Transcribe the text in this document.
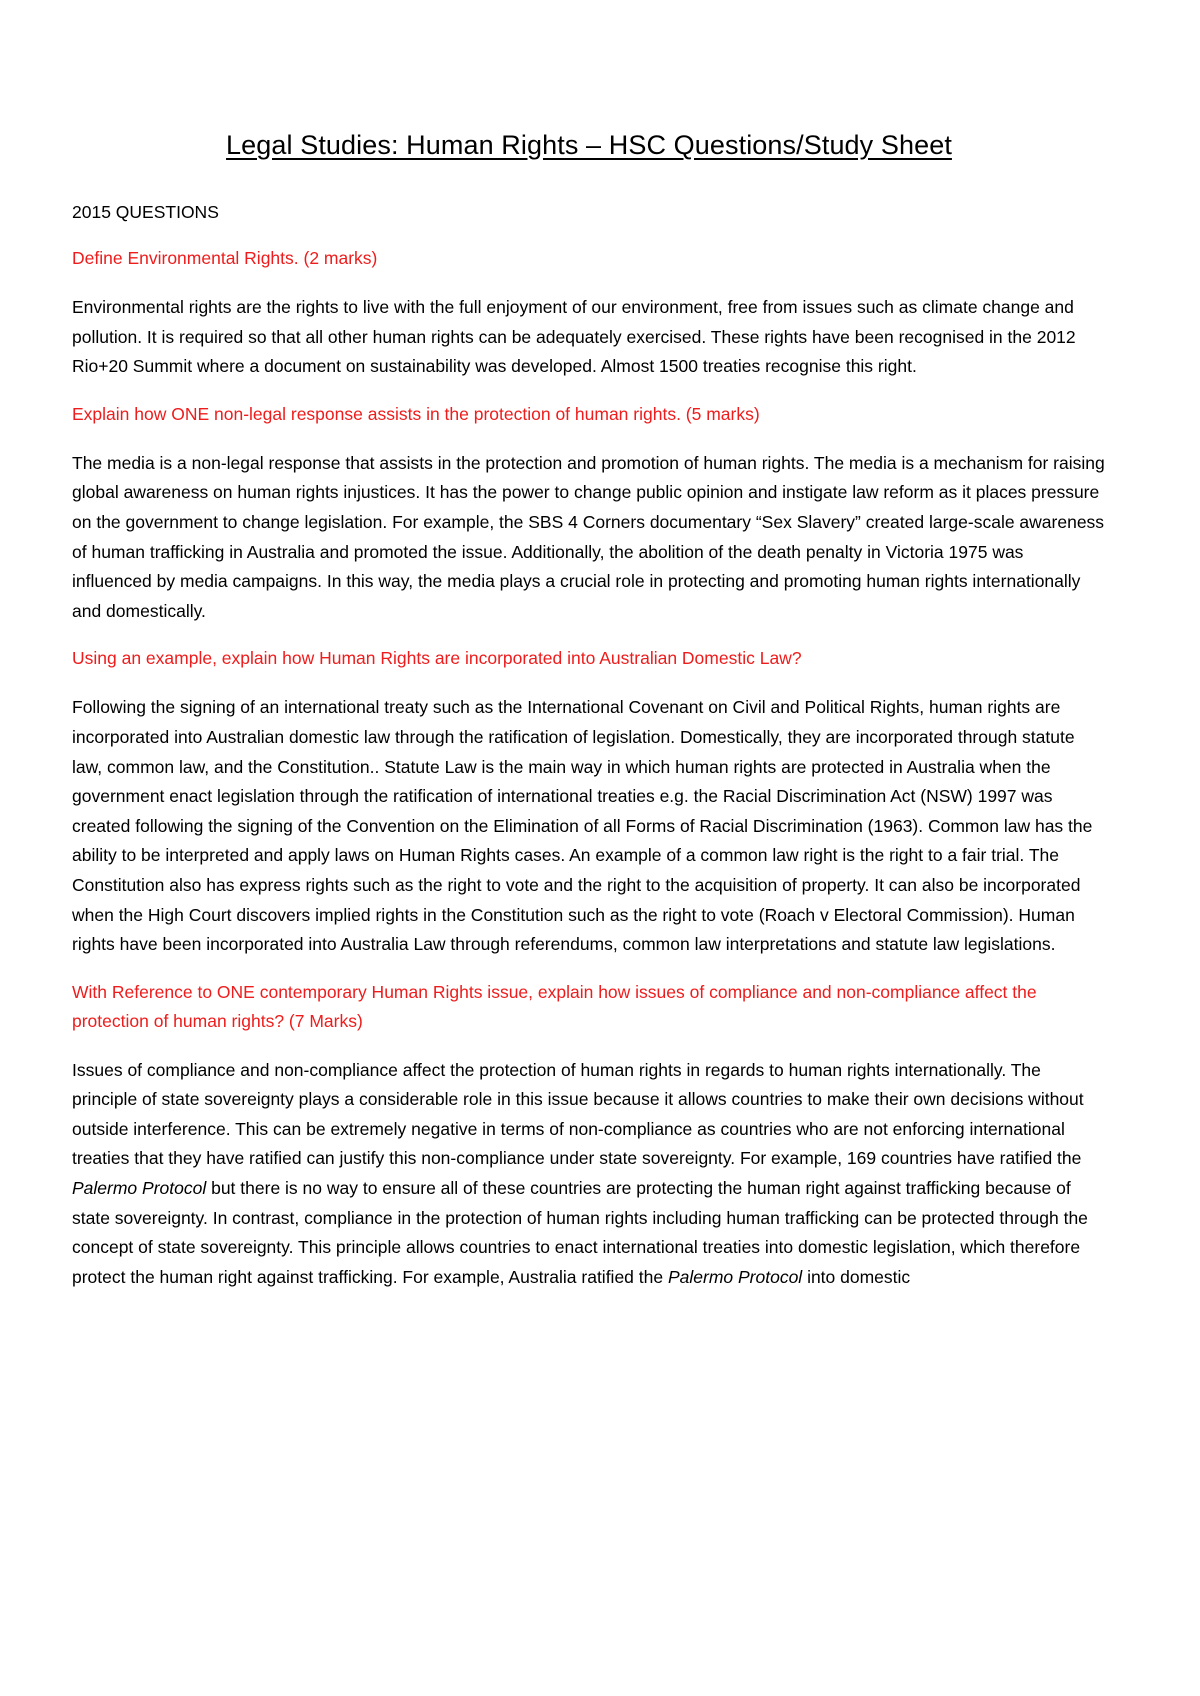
Legal Studies: Human Rights – HSC Questions/Study Sheet
2015 QUESTIONS
Define Environmental Rights. (2 marks)

Environmental rights are the rights to live with the full enjoyment of our environment, free from issues such as climate change and pollution. It is required so that all other human rights can be adequately exercised. These rights have been recognised in the 2012 Rio+20 Summit where a document on sustainability was developed. Almost 1500 treaties recognise this right.

Explain how ONE non-legal response assists in the protection of human rights. (5 marks)

The media is a non-legal response that assists in the protection and promotion of human rights. The media is a mechanism for raising global awareness on human rights injustices. It has the power to change public opinion and instigate law reform as it places pressure on the government to change legislation. For example, the SBS 4 Corners documentary “Sex Slavery” created large-scale awareness of human trafficking in Australia and promoted the issue. Additionally, the abolition of the death penalty in Victoria 1975 was influenced by media campaigns. In this way, the media plays a crucial role in protecting and promoting human rights internationally and domestically.

Using an example, explain how Human Rights are incorporated into Australian Domestic Law?

Following the signing of an international treaty such as the International Covenant on Civil and Political Rights, human rights are incorporated into Australian domestic law through the ratification of legislation. Domestically, they are incorporated through statute law, common law, and the Constitution.. Statute Law is the main way in which human rights are protected in Australia when the government enact legislation through the ratification of international treaties e.g. the Racial Discrimination Act (NSW) 1997 was created following the signing of the Convention on the Elimination of all Forms of Racial Discrimination (1963). Common law has the ability to be interpreted and apply laws on Human Rights cases. An example of a common law right is the right to a fair trial. The Constitution also has express rights such as the right to vote and the right to the acquisition of property. It can also be incorporated when the High Court discovers implied rights in the Constitution such as the right to vote (Roach v Electoral Commission). Human rights have been incorporated into Australia Law through referendums, common law interpretations and statute law legislations.

With Reference to ONE contemporary Human Rights issue, explain how issues of compliance and non-compliance affect the protection of human rights? (7 Marks)

Issues of compliance and non-compliance affect the protection of human rights in regards to human rights internationally. The principle of state sovereignty plays a considerable role in this issue because it allows countries to make their own decisions without outside interference. This can be extremely negative in terms of non-compliance as countries who are not enforcing international treaties that they have ratified can justify this non-compliance under state sovereignty. For example, 169 countries have ratified the Palermo Protocol but there is no way to ensure all of these countries are protecting the human right against trafficking because of state sovereignty. In contrast, compliance in the protection of human rights including human trafficking can be protected through the concept of state sovereignty. This principle allows countries to enact international treaties into domestic legislation, which therefore protect the human right against trafficking. For example, Australia ratified the Palermo Protocol into domestic
